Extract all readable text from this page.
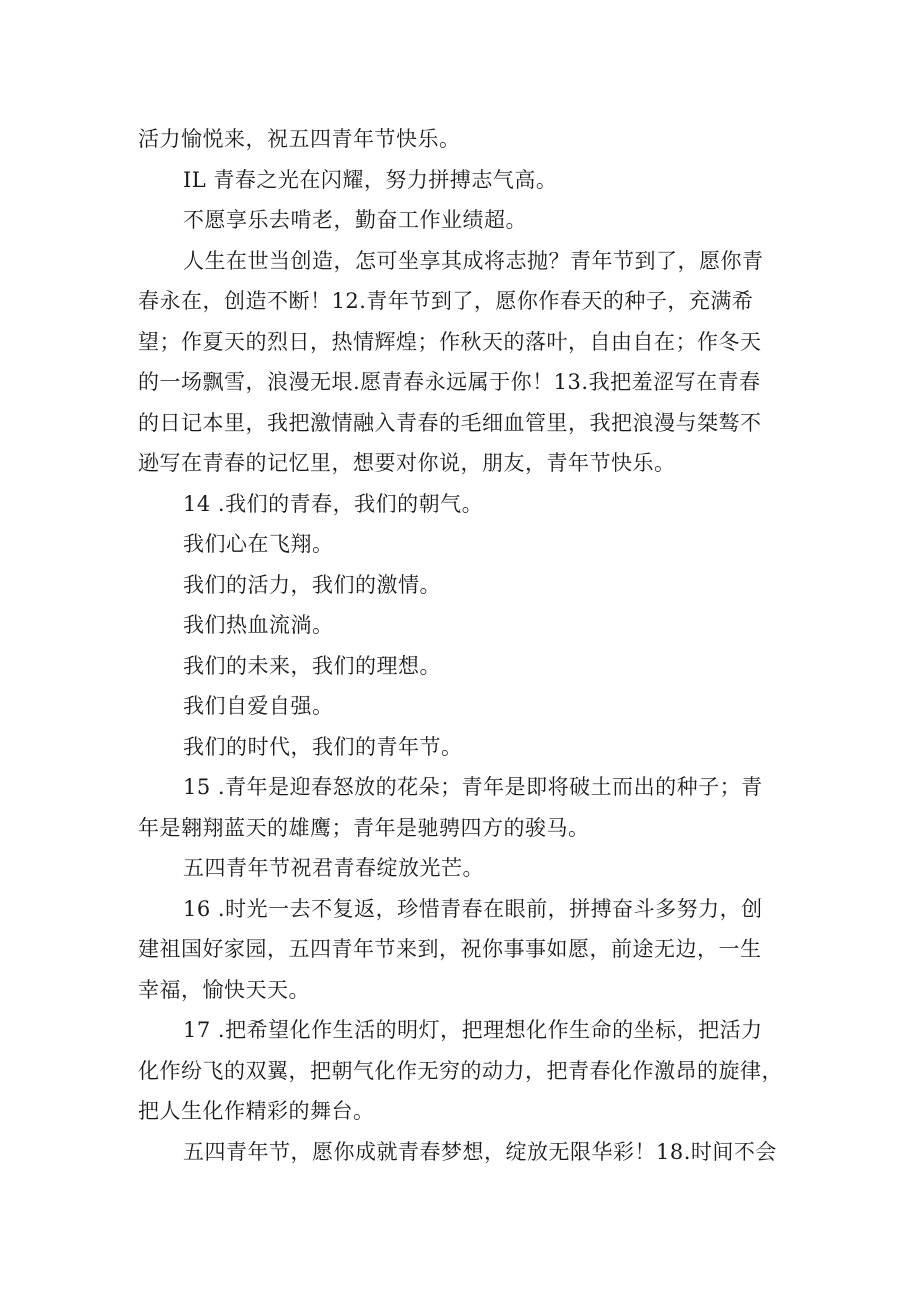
活力愉悦来，祝五四青年节快乐。

IL 青春之光在闪耀，努力拼搏志气高。

不愿享乐去啃老，勤奋工作业绩超。

人生在世当创造，怎可坐享其成将志抛？青年节到了，愿你青

春永在，创造不断！12.青年节到了，愿你作春天的种子，充满希
望；作夏天的烈日，热情辉煌；作秋天的落叶，自由自在；作冬天
的一场飘雪，浪漫无垠.愿青春永远属于你！13.我把羞涩写在青春
的日记本里，我把激情融入青春的毛细血管里，我把浪漫与桀骜不
逊写在青春的记忆里，想要对你说，朋友，青年节快乐。

14 .我们的青春，我们的朝气。

我们心在飞翔。

我们的活力，我们的激情。

我们热血流淌。

我们的未来，我们的理想。

我们自爱自强。

我们的时代，我们的青年节。

15 .青年是迎春怒放的花朵；青年是即将破土而出的种子；青

年是翱翔蓝天的雄鹰；青年是驰骋四方的骏马。

五四青年节祝君青春绽放光芒。

16 .时光一去不复返，珍惜青春在眼前，拼搏奋斗多努力，创

建祖国好家园，五四青年节来到，祝你事事如愿，前途无边，一生
幸福，愉快天天。

17 .把希望化作生活的明灯，把理想化作生命的坐标，把活力

化作纷飞的双翼，把朝气化作无穷的动力，把青春化作激昂的旋律，
把人生化作精彩的舞台。

五四青年节，愿你成就青春梦想，绽放无限华彩！18.时间不会
